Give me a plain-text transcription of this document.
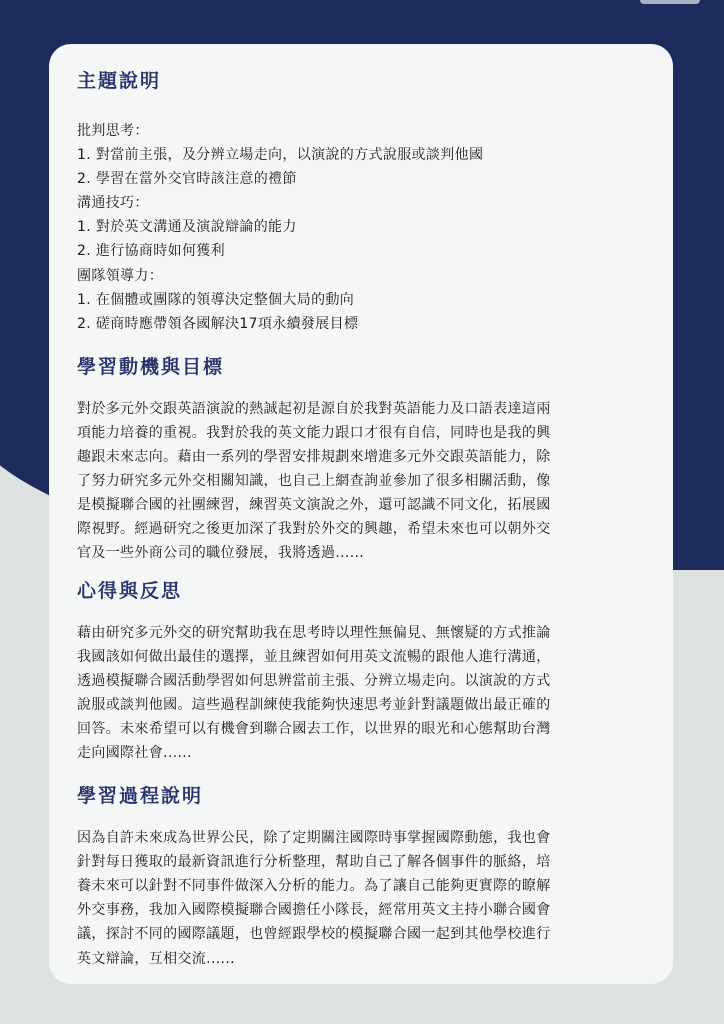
主題說明
批判思考：
1. 對當前主張，及分辨立場走向，以演說的方式說服或談判他國
2. 學習在當外交官時該注意的禮節
溝通技巧：
1. 對於英文溝通及演說辯論的能力
2. 進行協商時如何獲利
團隊領導力：
1. 在個體或團隊的領導決定整個大局的動向
2. 磋商時應帶領各國解決17項永續發展目標
學習動機與目標
對於多元外交跟英語演說的熱誠起初是源自於我對英語能力及口語表達這兩
項能力培養的重視。我對於我的英文能力跟口才很有自信，同時也是我的興
趣跟未來志向。藉由一系列的學習安排規劃來增進多元外交跟英語能力，除
了努力研究多元外交相關知識，也自己上網查詢並參加了很多相關活動，像
是模擬聯合國的社團練習，練習英文演說之外，還可認識不同文化，拓展國
際視野。經過研究之後更加深了我對於外交的興趣，希望未來也可以朝外交
官及一些外商公司的職位發展，我將透過......
心得與反思
藉由研究多元外交的研究幫助我在思考時以理性無偏見、無懷疑的方式推論
我國該如何做出最佳的選擇，並且練習如何用英文流暢的跟他人進行溝通，
透過模擬聯合國活動學習如何思辨當前主張、分辨立場走向。以演說的方式
說服或談判他國。這些過程訓練使我能夠快速思考並針對議題做出最正確的
回答。未來希望可以有機會到聯合國去工作，以世界的眼光和心態幫助台灣
走向國際社會......
學習過程說明
因為自許未來成為世界公民，除了定期關注國際時事掌握國際動態，我也會
針對每日獲取的最新資訊進行分析整理，幫助自己了解各個事件的脈絡，培
養未來可以針對不同事件做深入分析的能力。為了讓自己能夠更實際的瞭解
外交事務，我加入國際模擬聯合國擔任小隊長，經常用英文主持小聯合國會
議，探討不同的國際議題，也曾經跟學校的模擬聯合國一起到其他學校進行
英文辯論，互相交流......
